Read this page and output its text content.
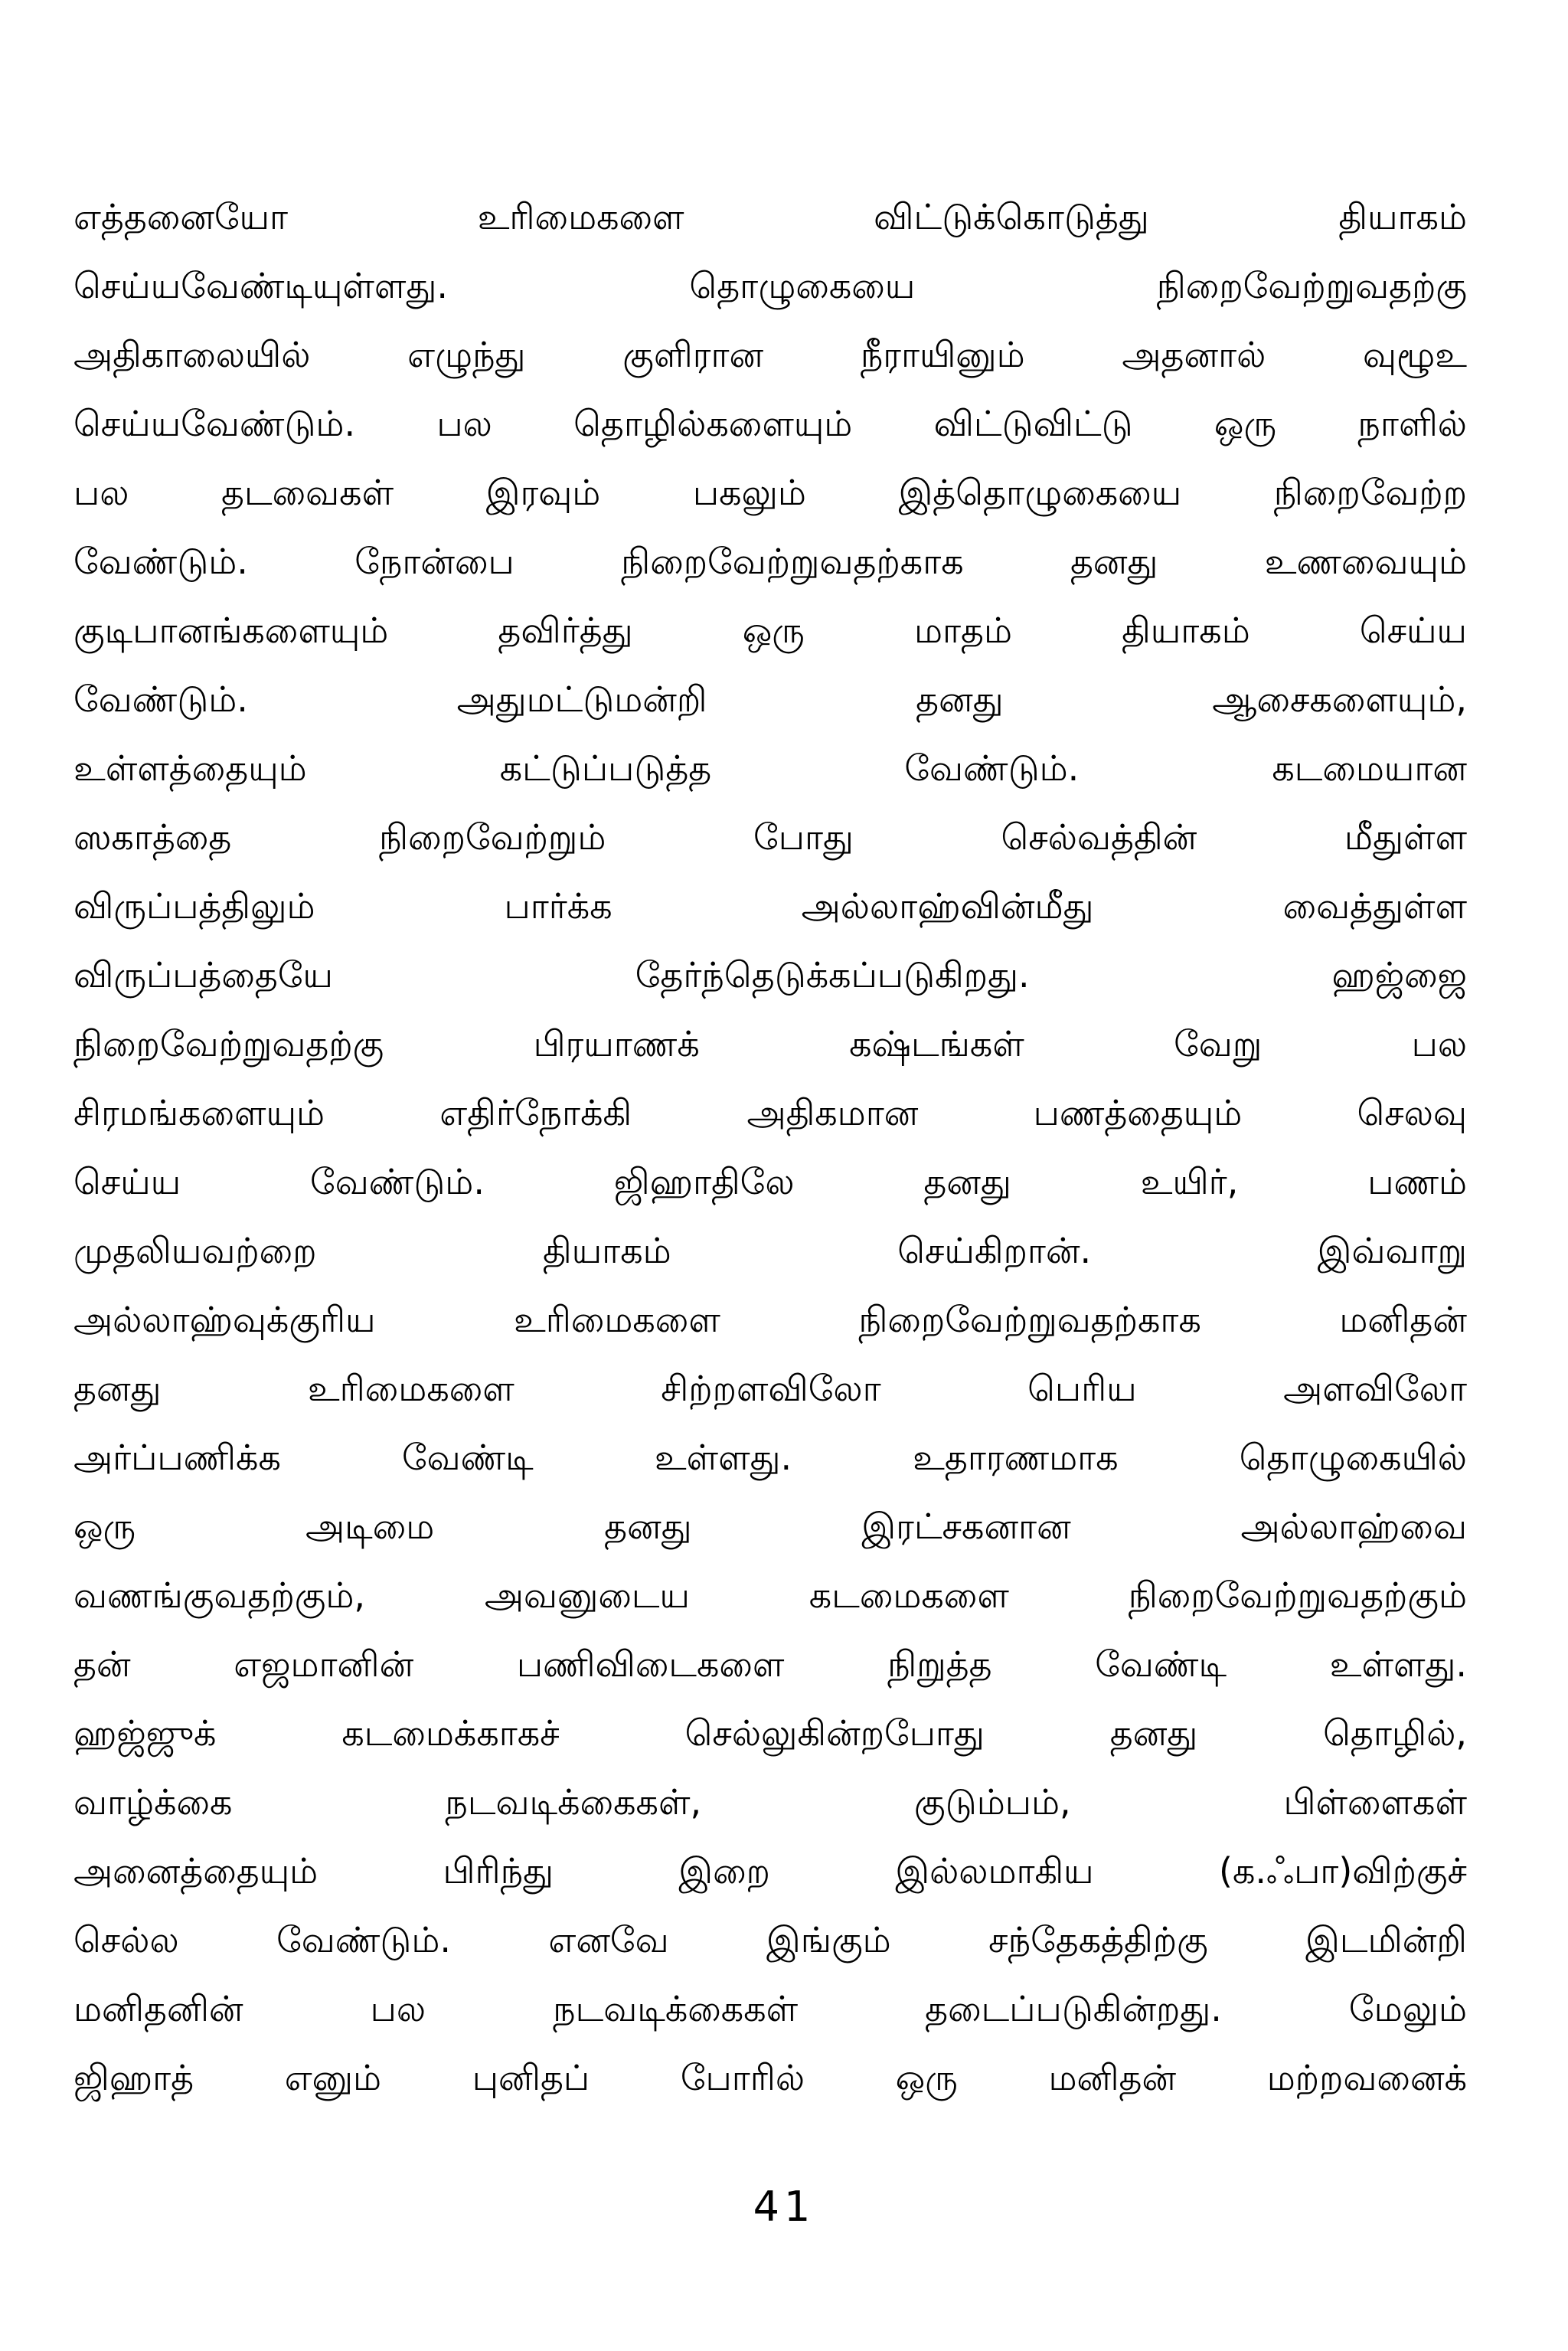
எத்தனையோ உரிமைகளை விட்டுக்கொடுத்து தியாகம்
செய்யவேண்டியுள்ளது. தொழுகையை நிறைவேற்றுவதற்கு
அதிகாலையில் எழுந்து குளிரான நீராயினும் அதனால் வுழூஉ
செய்யவேண்டும். பல தொழில்களையும் விட்டுவிட்டு ஒரு நாளில்
பல தடவைகள் இரவும் பகலும் இத்தொழுகையை நிறைவேற்ற
வேண்டும். நோன்பை நிறைவேற்றுவதற்காக தனது உணவையும்
குடிபானங்களையும் தவிர்த்து ஒரு மாதம் தியாகம் செய்ய
வேண்டும். அதுமட்டுமன்றி தனது ஆசைகளையும்,
உள்ளத்தையும் கட்டுப்படுத்த வேண்டும். கடமையான
ஸகாத்தை நிறைவேற்றும் போது செல்வத்தின் மீதுள்ள
விருப்பத்திலும் பார்க்க அல்லாஹ்வின்மீது வைத்துள்ள
விருப்பத்தையே தேர்ந்தெடுக்கப்படுகிறது. ஹஜ்ஜை
நிறைவேற்றுவதற்கு பிரயாணக் கஷ்டங்கள் வேறு பல
சிரமங்களையும் எதிர்நோக்கி அதிகமான பணத்தையும் செலவு
செய்ய வேண்டும். ஜிஹாதிலே தனது உயிர், பணம்
முதலியவற்றை தியாகம் செய்கிறான். இவ்வாறு
அல்லாஹ்வுக்குரிய உரிமைகளை நிறைவேற்றுவதற்காக மனிதன்
தனது உரிமைகளை சிற்றளவிலோ பெரிய அளவிலோ
அர்ப்பணிக்க வேண்டி உள்ளது. உதாரணமாக தொழுகையில்
ஒரு அடிமை தனது இரட்சகனான அல்லாஹ்வை
வணங்குவதற்கும், அவனுடைய கடமைகளை நிறைவேற்றுவதற்கும்
தன் எஜமானின் பணிவிடைகளை நிறுத்த வேண்டி உள்ளது.
ஹஜ்ஜுக் கடமைக்காகச் செல்லுகின்றபோது தனது தொழில்,
வாழ்க்கை நடவடிக்கைகள், குடும்பம், பிள்ளைகள்
அனைத்தையும் பிரிந்து இறை இல்லமாகிய (க.ஃபா)விற்குச்
செல்ல வேண்டும். எனவே இங்கும் சந்தேகத்திற்கு இடமின்றி
மனிதனின் பல நடவடிக்கைகள் தடைப்படுகின்றது. மேலும்
ஜிஹாத் எனும் புனிதப் போரில் ஒரு மனிதன் மற்றவனைக்
41
